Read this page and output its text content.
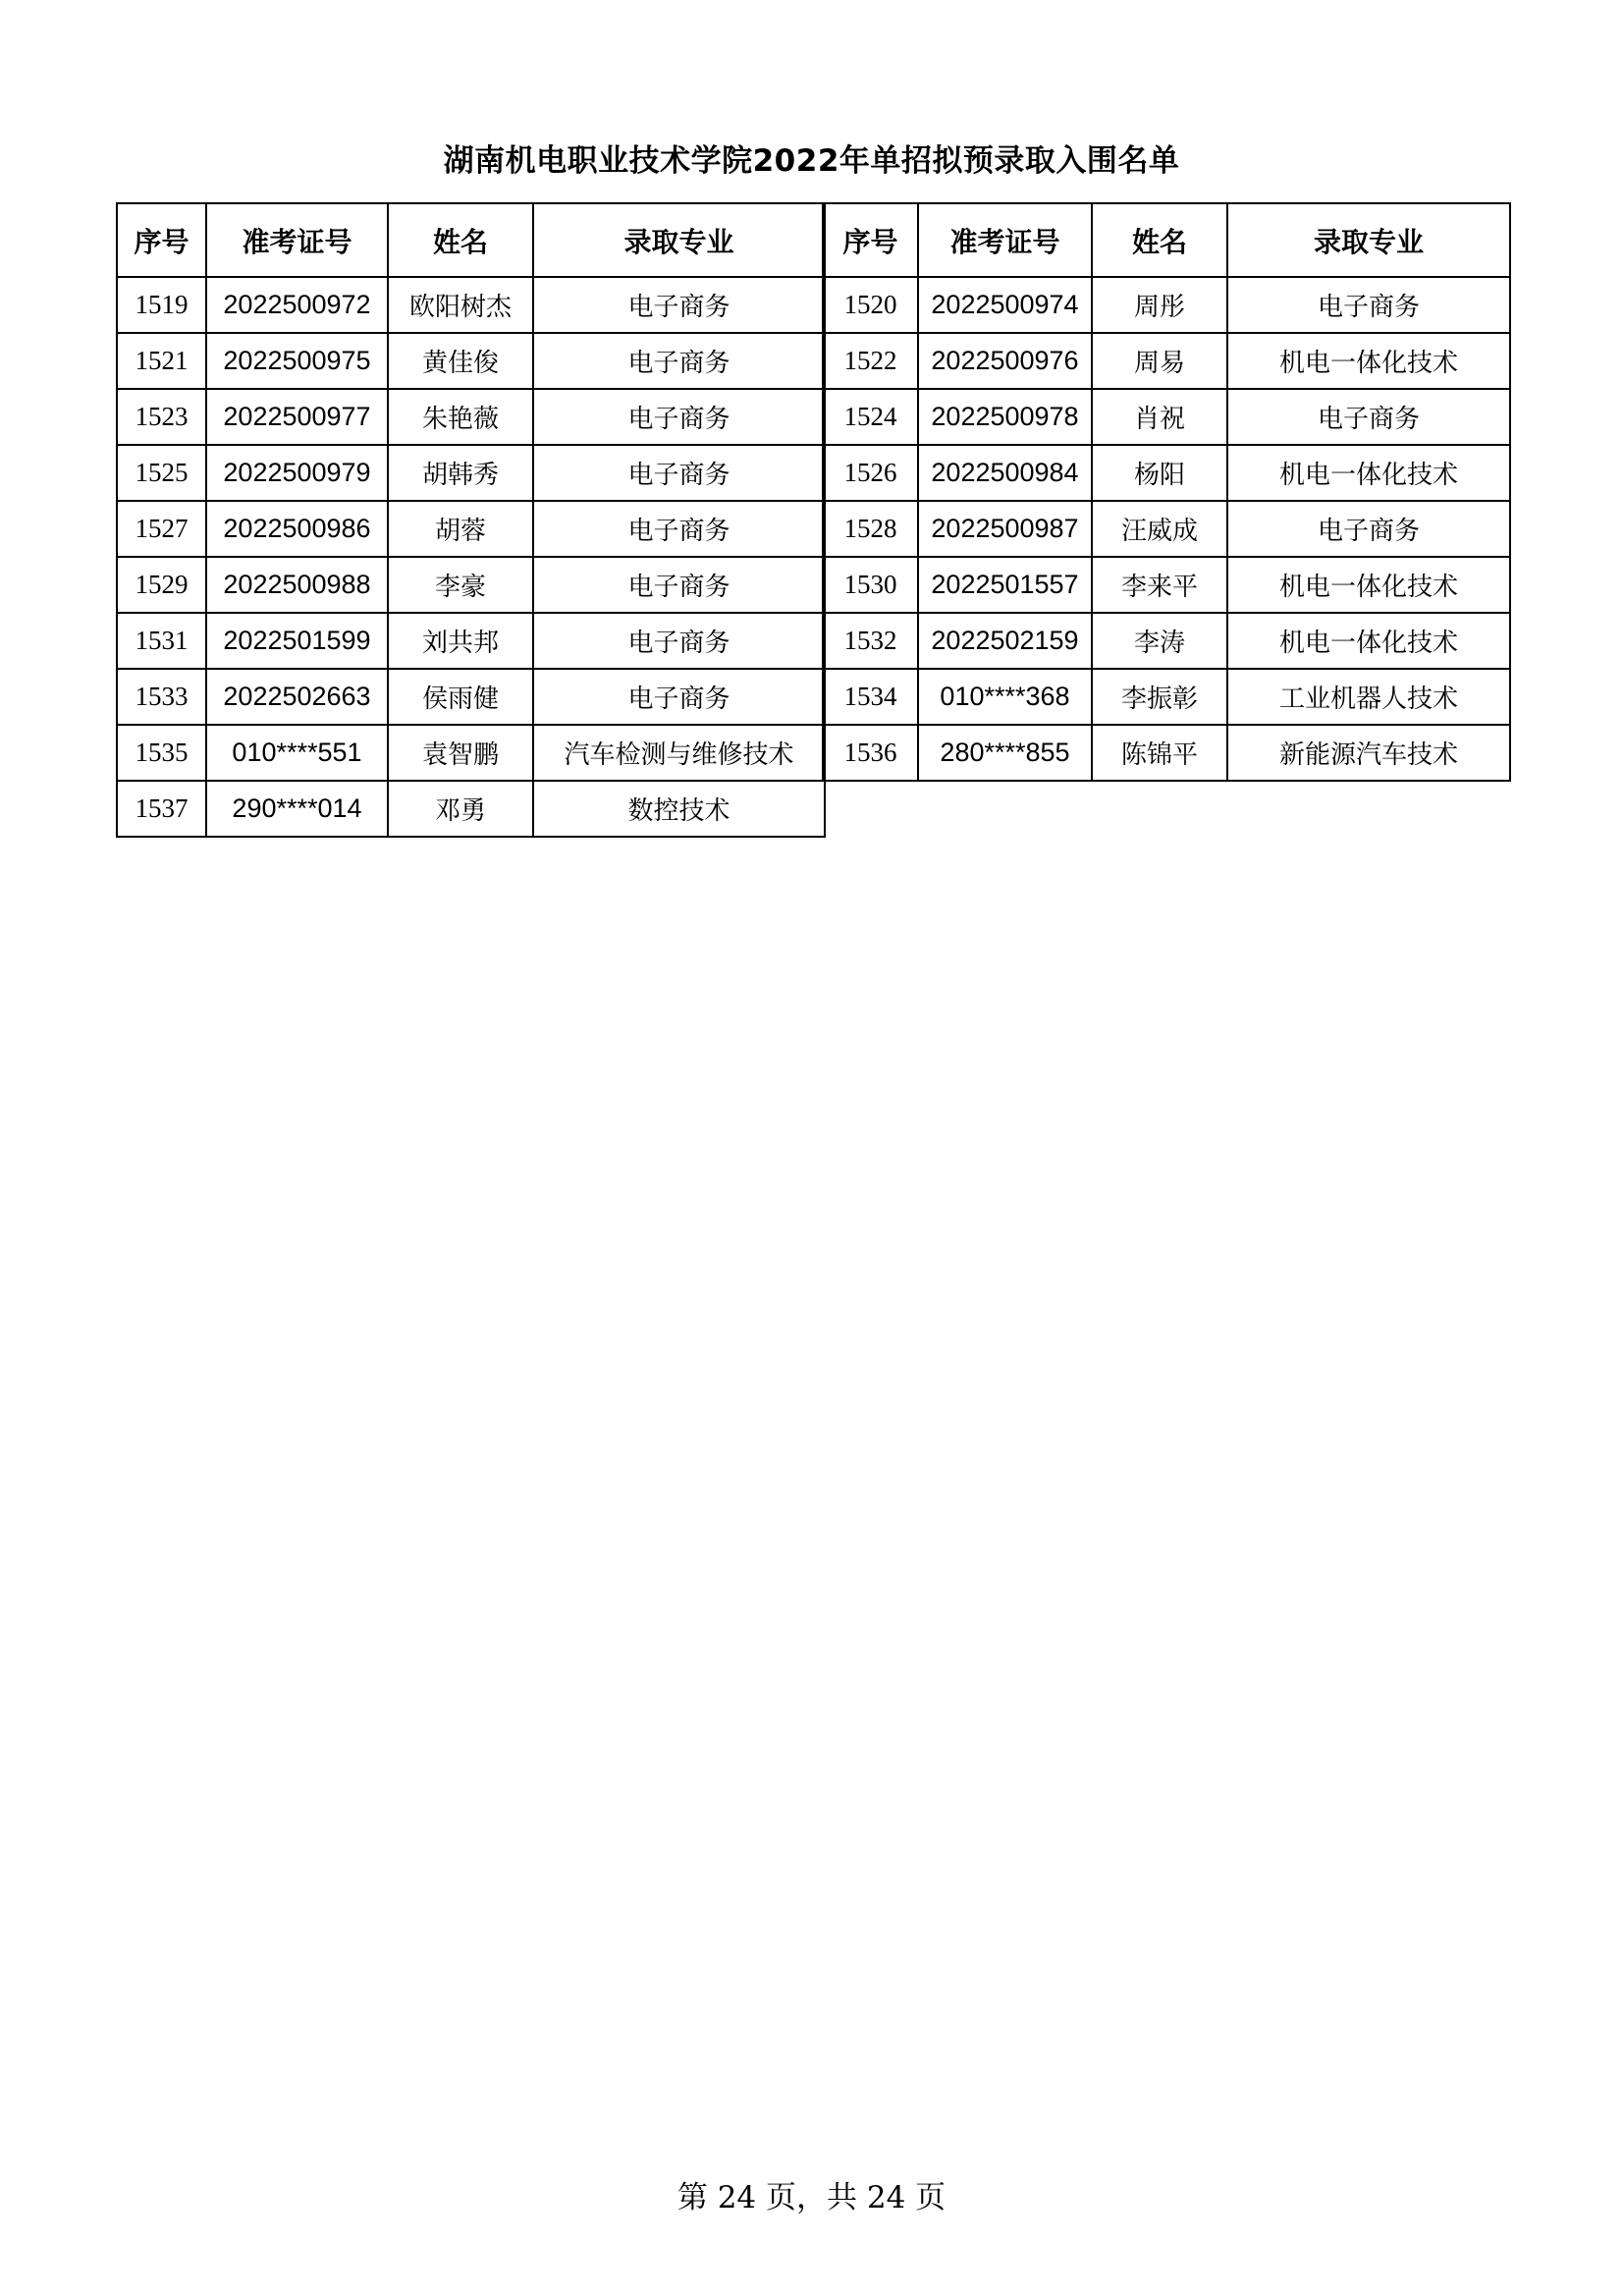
湖南机电职业技术学院2022年单招拟预录取入围名单
序号	准考证号	姓名	录取专业
1519	2022500972	欧阳树杰	电子商务
1521	2022500975	黄佳俊	电子商务
1523	2022500977	朱艳薇	电子商务
1525	2022500979	胡韩秀	电子商务
1527	2022500986	胡蓉	电子商务
1529	2022500988	李豪	电子商务
1531	2022501599	刘共邦	电子商务
1533	2022502663	侯雨健	电子商务
1535	010****551	袁智鹏	汽车检测与维修技术
1537	290****014	邓勇	数控技术
序号	准考证号	姓名	录取专业
1520	2022500974	周彤	电子商务
1522	2022500976	周易	机电一体化技术
1524	2022500978	肖祝	电子商务
1526	2022500984	杨阳	机电一体化技术
1528	2022500987	汪威成	电子商务
1530	2022501557	李来平	机电一体化技术
1532	2022502159	李涛	机电一体化技术
1534	010****368	李振彰	工业机器人技术
1536	280****855	陈锦平	新能源汽车技术
第 24 页，共 24 页
